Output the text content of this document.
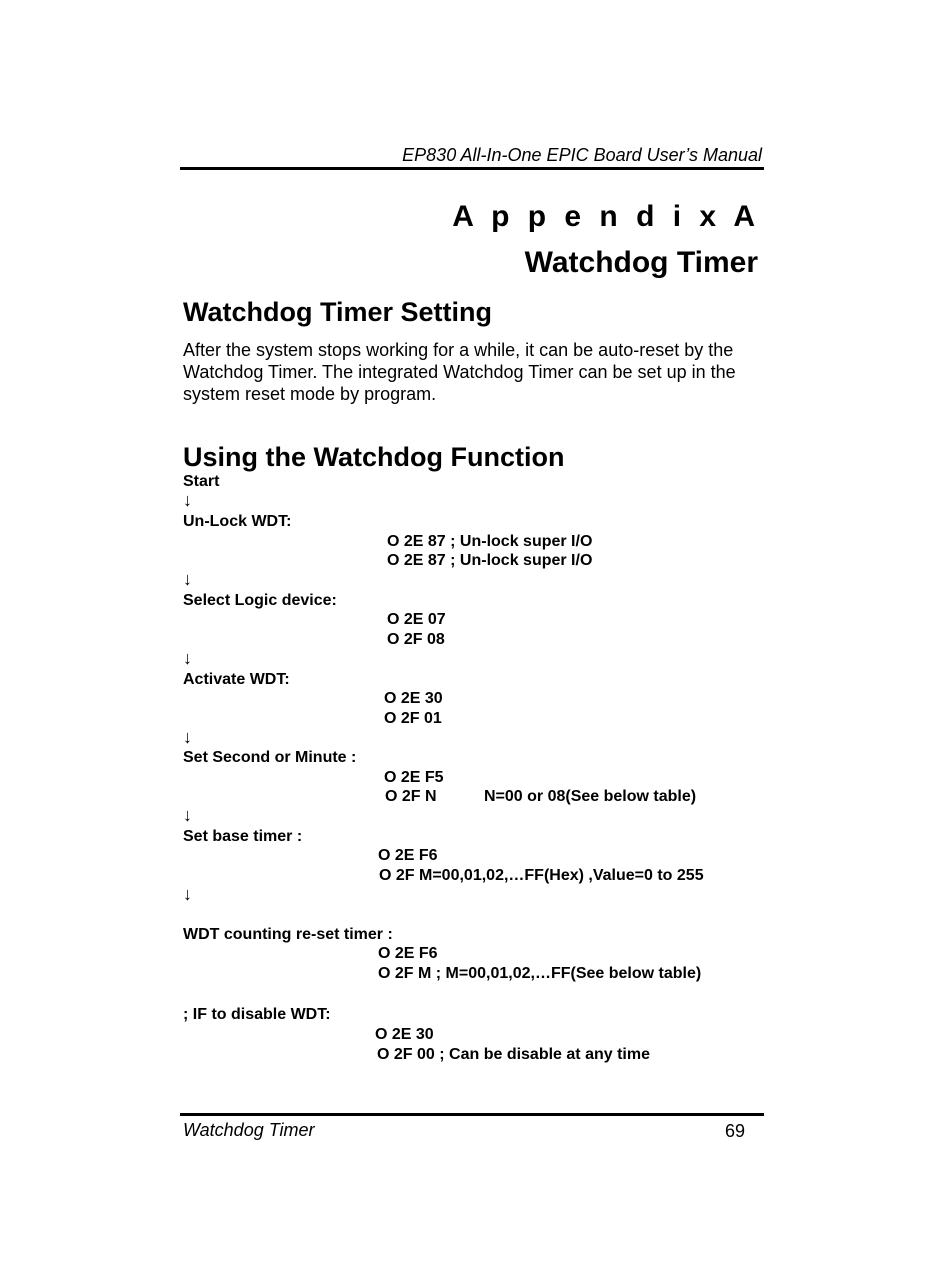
EP830 All-In-One EPIC Board User’s Manual
A p p e n d i x A
Watchdog Timer
Watchdog Timer Setting
After the system stops working for a while, it can be auto-reset by the Watchdog Timer. The integrated Watchdog Timer can be set up in the system reset mode by program.
Using the Watchdog Function
Start
↓
Un-Lock WDT:
O 2E 87 ; Un-lock super I/O
O 2E 87 ; Un-lock super I/O
↓
Select Logic device:
O 2E 07
O 2F 08
↓
Activate WDT:
O 2E 30
O 2F 01
↓
Set Second or Minute :
O 2E F5
O 2F N	N=00 or 08(See below table)
↓
Set base timer :
O 2E F6
O 2F M=00,01,02,…FF(Hex) ,Value=0 to 255
↓
WDT counting re-set timer :
O 2E F6
O 2F M ; M=00,01,02,…FF(See below table)
; IF to disable WDT:
O 2E 30
O 2F 00 ; Can be disable at any time
Watchdog Timer	69
